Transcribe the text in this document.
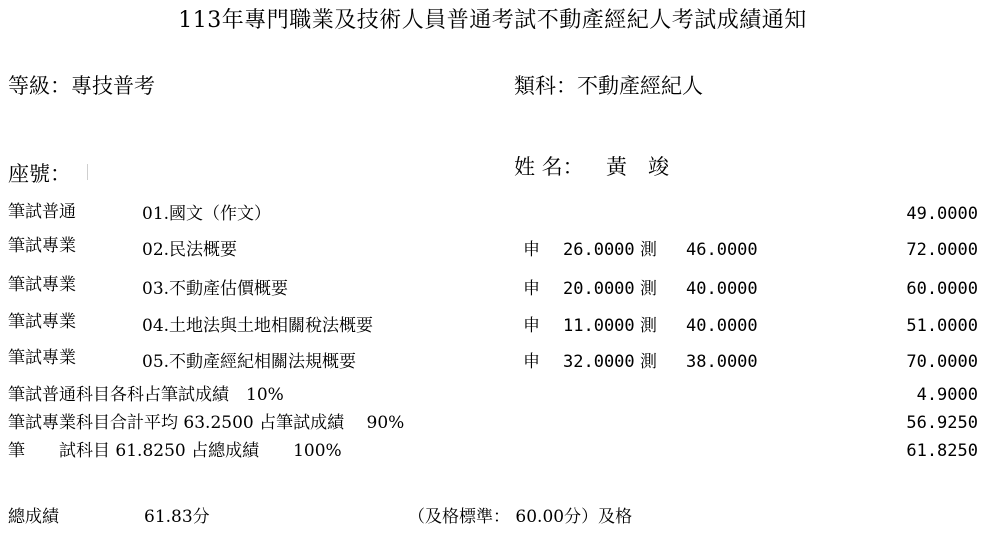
113年專門職業及技術人員普通考試不動產經紀人考試成績通知
等級：專技普考	類科：不動產經紀人
座號：	姓 名： 黃　竣
筆試普通	01.國文（作文）	49.0000
筆試專業	02.民法概要	申 26.0000 測 46.0000	72.0000
筆試專業	03.不動產估價概要	申 20.0000 測 40.0000	60.0000
筆試專業	04.土地法與土地相關稅法概要	申 11.0000 測 40.0000	51.0000
筆試專業	05.不動產經紀相關法規概要	申 32.0000 測 38.0000	70.0000
筆試普通科目各科占筆試成績　10%	4.9000
筆試專業科目合計平均 63.2500 占筆試成績　 90%	56.9250
筆　　試科目 61.8250 占總成績　　100%	61.8250
總成績	61.83分	（及格標準： 60.00分）及格
